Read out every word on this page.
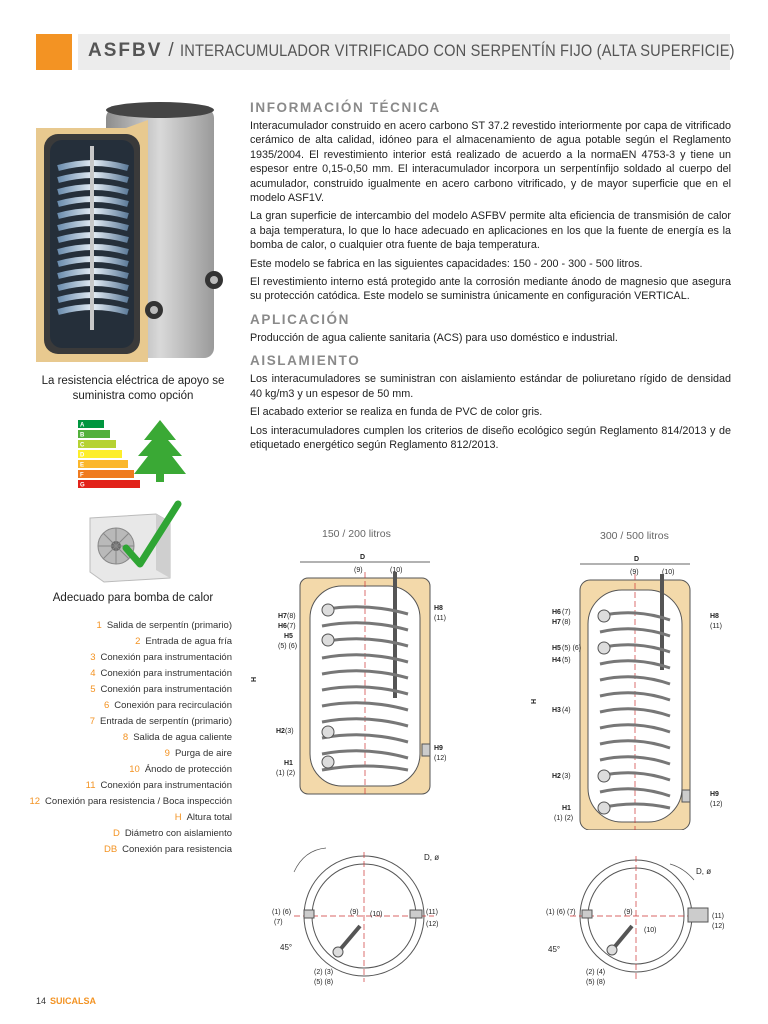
ASFBV / INTERACUMULADOR VITRIFICADO CON SERPENTÍN FIJO (ALTA SUPERFICIE)
La resistencia eléctrica de apoyo se suministra como opción
A
B
C
D
E
F
G
Adecuado para bomba de calor
1 Salida de serpentín (primario)
2 Entrada de agua fría
3 Conexión para instrumentación
4 Conexión para instrumentación
5 Conexión para instrumentación
6 Conexión para recirculación
7 Entrada de serpentín (primario)
8 Salida de agua caliente
9 Purga de aire
10 Ánodo de protección
11 Conexión para instrumentación
12 Conexión para resistencia / Boca inspección
H Altura total
D Diámetro con aislamiento
DB Conexión para resistencia
INFORMACIÓN TÉCNICA

Interacumulador construido en acero carbono ST 37.2 revestido interiormente por capa de vitrificado cerámico de alta calidad, idóneo para el almacenamiento de agua potable según el Reglamento 1935/2004. El revestimiento interior está realizado de acuerdo a la normaEN 4753-3 y tiene un espesor entre 0,15-0,50 mm. El interacumulador incorpora un serpentínfijo soldado al cuerpo del acumulador, construido igualmente en acero carbono vitrificado, y de mayor superficie que en el modelo ASF1V.

La gran superficie de intercambio del modelo ASFBV permite alta eficiencia de transmisión de calor a baja temperatura, lo que lo hace adecuado en aplicaciones en los que la fuente de energía es la bomba de calor, o cualquier otra fuente de baja temperatura.

Este modelo se fabrica en las siguientes capacidades: 150 - 200 - 300 - 500 litros.

El revestimiento interno está protegido ante la corrosión mediante ánodo de magnesio que asegura su protección catódica. Este modelo se suministra únicamente en configuración VERTICAL.

APLICACIÓN

Producción de agua caliente sanitaria (ACS) para uso doméstico e industrial.

AISLAMIENTO

Los interacumuladores se suministran con aislamiento estándar de poliuretano rígido de densidad 40 kg/m3 y un espesor de 50 mm.

El acabado exterior se realiza en funda de PVC de color gris.

Los interacumuladores cumplen los criterios de diseño ecológico según Reglamento 814/2013 y de etiquetado energético según Reglamento 812/2013.

150 / 200 litros	300 / 500 litros
D
(9)	(10)
H7 (8)
H6 (7)
H5
(5) (6)
H2 (3)
H1
(1) (2)
H8
(11)
H9
(12)
H
D
(9)	(10)
H6 (7)
H7 (8)
H5 (5) (6)
H4 (5)
H3 (4)
H2 (3)
H1
(1) (2)
H8
(11)
H9
(12)
H
D, ø
(1) (6)
(7)
(9) (10)	(11)
(12)
45°
(2) (3)
(5) (8)
D, ø
(1) (6) (7)	(9)
(10)
(11)
(12)
45°
(2) (4)
(5) (8)
14 SUICALSA
